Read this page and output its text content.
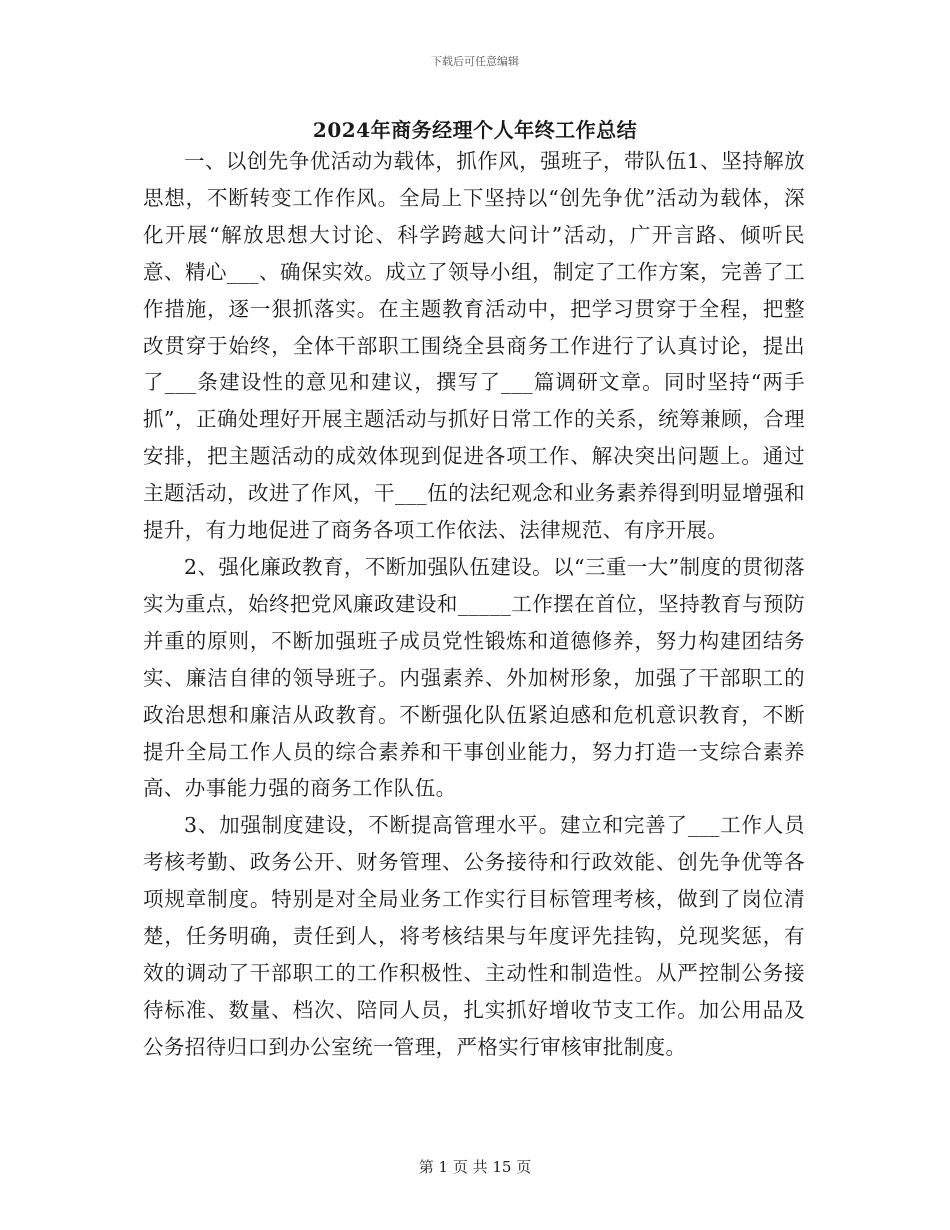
下载后可任意编辑
2024年商务经理个人年终工作总结

一、以创先争优活动为载体，抓作风，强班子，带队伍1、坚持解放思想，不断转变工作作风。全局上下坚持以“创先争优”活动为载体，深化开展“解放思想大讨论、科学跨越大问计”活动，广开言路、倾听民意、精心___、确保实效。成立了领导小组，制定了工作方案，完善了工作措施，逐一狠抓落实。在主题教育活动中，把学习贯穿于全程，把整改贯穿于始终，全体干部职工围绕全县商务工作进行了认真讨论，提出了___条建设性的意见和建议，撰写了___篇调研文章。同时坚持“两手抓”，正确处理好开展主题活动与抓好日常工作的关系，统筹兼顾，合理安排，把主题活动的成效体现到促进各项工作、解决突出问题上。通过主题活动，改进了作风，干___伍的法纪观念和业务素养得到明显增强和提升，有力地促进了商务各项工作依法、法律规范、有序开展。

2、强化廉政教育，不断加强队伍建设。以“三重一大”制度的贯彻落实为重点，始终把党风廉政建设和_____工作摆在首位，坚持教育与预防并重的原则，不断加强班子成员党性锻炼和道德修养，努力构建团结务实、廉洁自律的领导班子。内强素养、外加树形象，加强了干部职工的政治思想和廉洁从政教育。不断强化队伍紧迫感和危机意识教育，不断提升全局工作人员的综合素养和干事创业能力，努力打造一支综合素养高、办事能力强的商务工作队伍。

3、加强制度建设，不断提高管理水平。建立和完善了___工作人员考核考勤、政务公开、财务管理、公务接待和行政效能、创先争优等各项规章制度。特别是对全局业务工作实行目标管理考核，做到了岗位清楚，任务明确，责任到人，将考核结果与年度评先挂钩，兑现奖惩，有效的调动了干部职工的工作积极性、主动性和制造性。从严控制公务接待标准、数量、档次、陪同人员，扎实抓好增收节支工作。加公用品及公务招待归口到办公室统一管理，严格实行审核审批制度。

第 1 页 共 15 页
